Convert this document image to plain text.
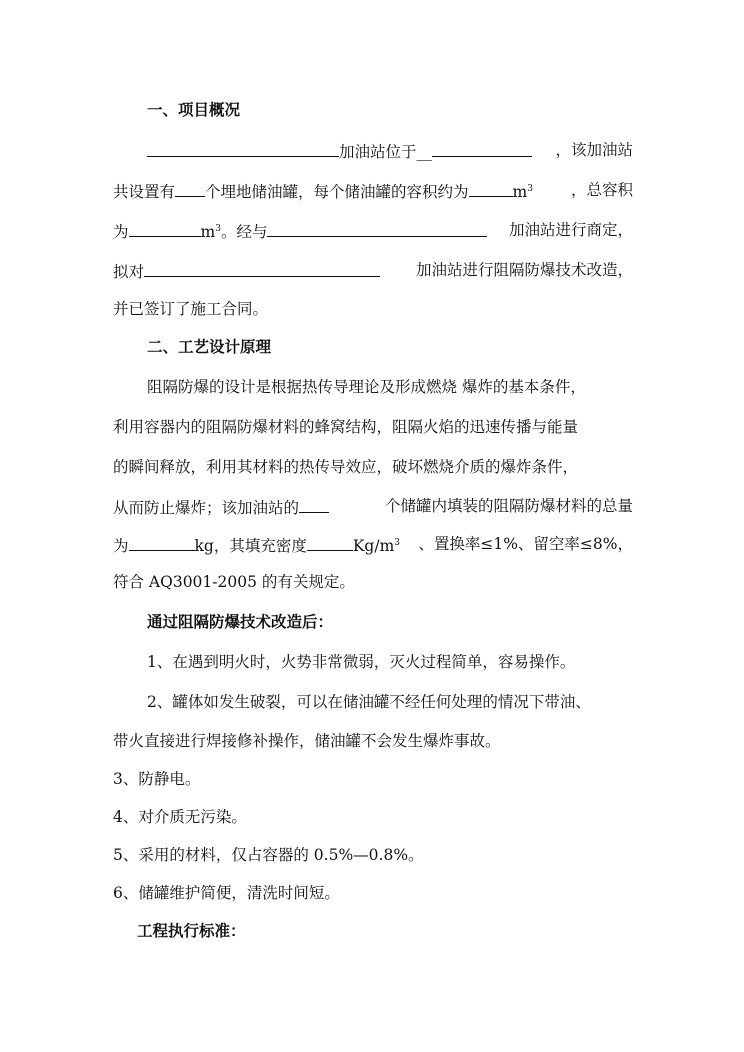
一、项目概况
加油站位于__	，该加油站
共设置有 个埋地储油罐，每个储油罐的容积约为	$m^3$ ，总容积
为	$m^3$。经与	加油站进行商定，
拟对	加油站进行阻隔防爆技术改造，
并已签订了施工合同。
二、工艺设计原理
阻隔防爆的设计是根据热传导理论及形成燃烧 爆炸的基本条件，
利用容器内的阻隔防爆材料的蜂窝结构，阻隔火焰的迅速传播与能量
的瞬间释放，利用其材料的热传导效应，破坏燃烧介质的爆炸条件，
从而防止爆炸；该加油站的	个储罐内填装的阻隔防爆材料的总量
为	kg，其填充密度	$Kg/m^3$ 、置换率≤1%、留空率≤8%，
符合 AQ3001-2005 的有关规定。
通过阻隔防爆技术改造后：
1、在遇到明火时，火势非常微弱，灭火过程简单，容易操作。
2、罐体如发生破裂，可以在储油罐不经任何处理的情况下带油、
带火直接进行焊接修补操作，储油罐不会发生爆炸事故。
3、防静电。
4、对介质无污染。
5、采用的材料，仅占容器的 0.5%—0.8%。
6、储罐维护简便，清洗时间短。
工程执行标准：
